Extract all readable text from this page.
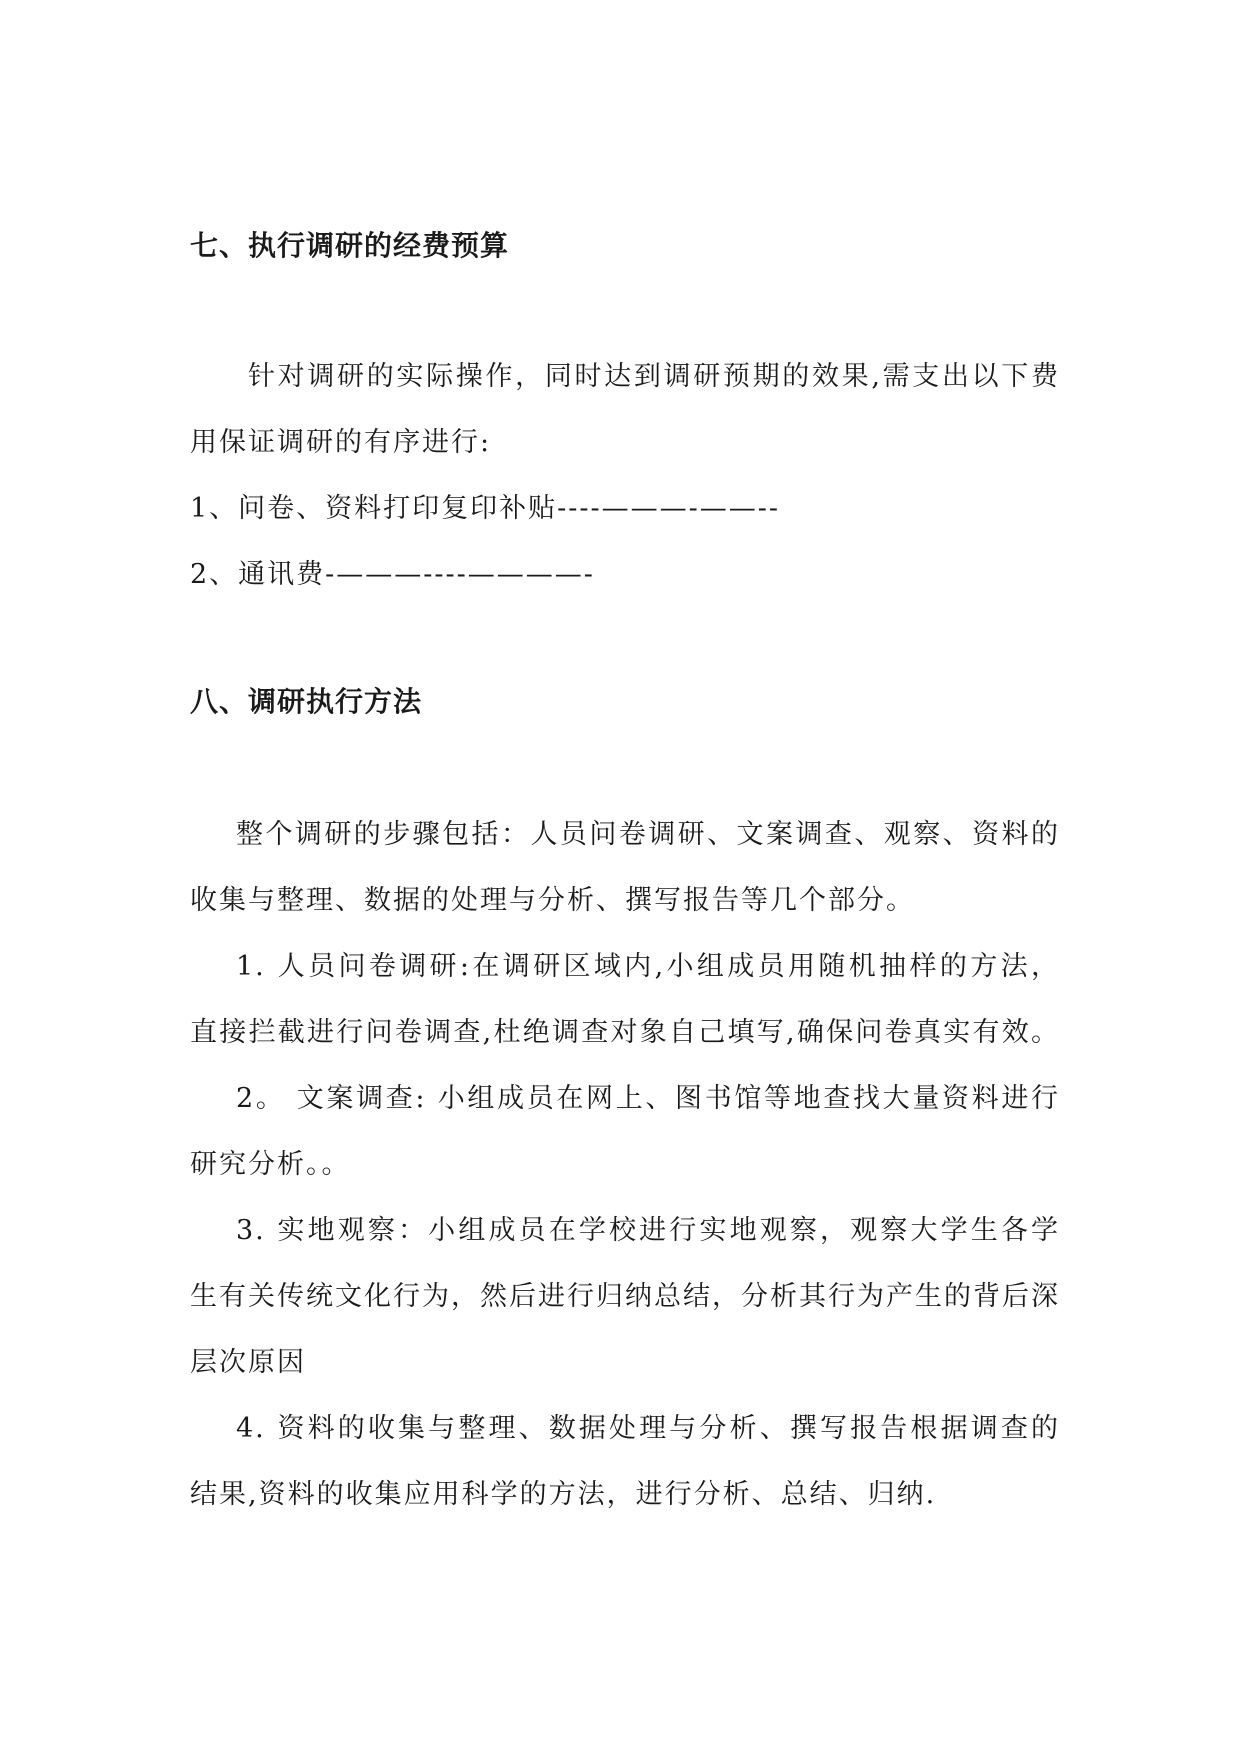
七、执行调研的经费预算
针对调研的实际操作，同时达到调研预期的效果,需支出以下费
用保证调研的有序进行:
1、问卷、资料打印复印补贴----———-——--
2、通讯费-———----————-
八、调研执行方法
整个调研的步骤包括：人员问卷调研、文案调查、观察、资料的
收集与整理、数据的处理与分析、撰写报告等几个部分。
1. 人员问卷调研:在调研区域内,小组成员用随机抽样的方法，
直接拦截进行问卷调查,杜绝调查对象自己填写,确保问卷真实有效。
2。 文案调查: 小组成员在网上、图书馆等地查找大量资料进行
研究分析。。
3. 实地观察：小组成员在学校进行实地观察，观察大学生各学
生有关传统文化行为，然后进行归纳总结，分析其行为产生的背后深
层次原因
4. 资料的收集与整理、数据处理与分析、撰写报告根据调查的
结果,资料的收集应用科学的方法，进行分析、总结、归纳.
